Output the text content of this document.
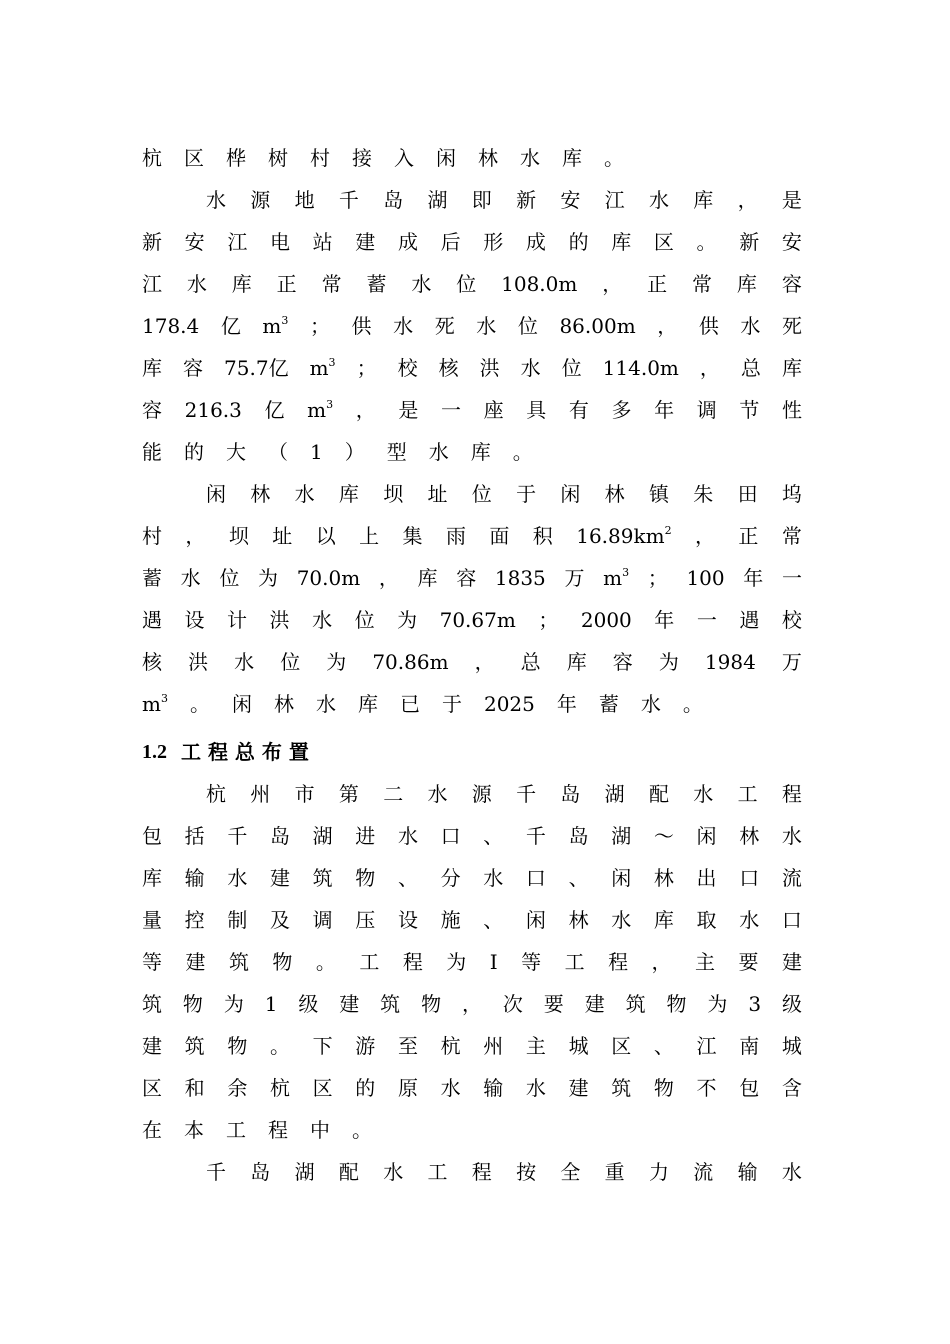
杭 区 桦 树 村 接 入 闲 林 水 库 。
水 源 地 千 岛 湖 即 新 安 江 水 库 ， 是
新 安 江 电 站 建 成 后 形 成 的 库 区 。 新 安
江 水 库 正 常 蓄 水 位 108.0m ， 正 常 库 容
178.4 亿 $m^3$ ； 供 水 死 水 位 86.00m ， 供 水 死
库 容 75.7亿 $m^3$ ； 校 核 洪 水 位 114.0m ， 总 库
容 216.3 亿 $m^3$ ， 是 一 座 具 有 多 年 调 节 性
能 的 大 （ 1 ） 型 水 库 。
闲 林 水 库 坝 址 位 于 闲 林 镇 朱 田 坞
村 ， 坝 址 以 上 集 雨 面 积 $16.89km^2$ ， 正 常
蓄 水 位 为 70.0m ， 库 容 1835 万 $m^3$ ； 100 年 一
遇 设 计 洪 水 位 为 70.67m ； 2000 年 一 遇 校
核 洪 水 位 为 70.86m ， 总 库 容 为 1984 万
$m^3$ 。 闲 林 水 库 已 于 2025 年 蓄 水 。
1.2 工 程 总 布 置
杭 州 市 第 二 水 源 千 岛 湖 配 水 工 程
包 括 千 岛 湖 进 水 口 、 千 岛 湖 ～ 闲 林 水
库 输 水 建 筑 物 、 分 水 口 、 闲 林 出 口 流
量 控 制 及 调 压 设 施 、 闲 林 水 库 取 水 口
等 建 筑 物 。 工 程 为 I 等 工 程 ， 主 要 建
筑 物 为 1 级 建 筑 物 ， 次 要 建 筑 物 为 3 级
建 筑 物 。 下 游 至 杭 州 主 城 区 、 江 南 城
区 和 余 杭 区 的 原 水 输 水 建 筑 物 不 包 含
在 本 工 程 中 。
千 岛 湖 配 水 工 程 按 全 重 力 流 输 水
